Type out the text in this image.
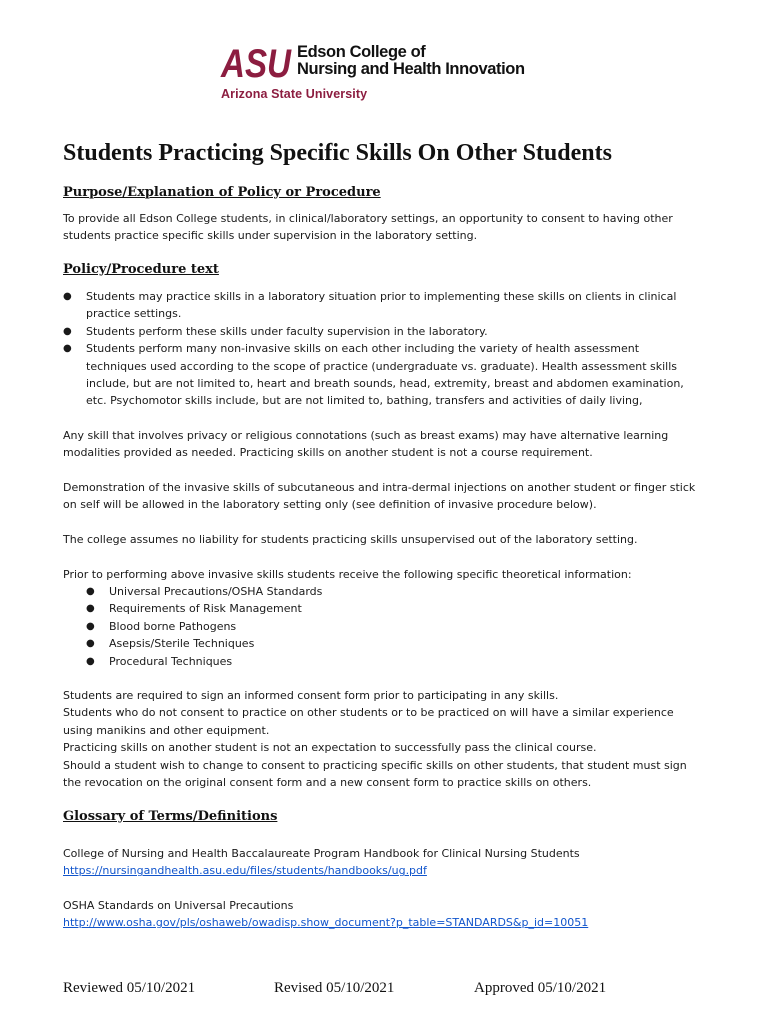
ASU Edson College of
Nursing and Health Innovation
Arizona State University
Students Practicing Specific Skills On Other Students
Purpose/Explanation of Policy or Procedure
To provide all Edson College students, in clinical/laboratory settings, an opportunity to consent to having other
students practice specific skills under supervision in the laboratory setting.
Policy/Procedure text
● Students may practice skills in a laboratory situation prior to implementing these skills on clients in clinical
practice settings.
● Students perform these skills under faculty supervision in the laboratory.
● Students perform many non-invasive skills on each other including the variety of health assessment
techniques used according to the scope of practice (undergraduate vs. graduate). Health assessment skills
include, but are not limited to, heart and breath sounds, head, extremity, breast and abdomen examination,
etc. Psychomotor skills include, but are not limited to, bathing, transfers and activities of daily living,
Any skill that involves privacy or religious connotations (such as breast exams) may have alternative learning
modalities provided as needed. Practicing skills on another student is not a course requirement.
Demonstration of the invasive skills of subcutaneous and intra-dermal injections on another student or finger stick
on self will be allowed in the laboratory setting only (see definition of invasive procedure below).
The college assumes no liability for students practicing skills unsupervised out of the laboratory setting.
Prior to performing above invasive skills students receive the following specific theoretical information:
● Universal Precautions/OSHA Standards
● Requirements of Risk Management
● Blood borne Pathogens
● Asepsis/Sterile Techniques
● Procedural Techniques
Students are required to sign an informed consent form prior to participating in any skills.
Students who do not consent to practice on other students or to be practiced on will have a similar experience
using manikins and other equipment.
Practicing skills on another student is not an expectation to successfully pass the clinical course.
Should a student wish to change to consent to practicing specific skills on other students, that student must sign
the revocation on the original consent form and a new consent form to practice skills on others.
Glossary of Terms/Definitions
College of Nursing and Health Baccalaureate Program Handbook for Clinical Nursing Students
https://nursingandhealth.asu.edu/files/students/handbooks/ug.pdf
OSHA Standards on Universal Precautions
http://www.osha.gov/pls/oshaweb/owadisp.show_document?p_table=STANDARDS&p_id=10051
Reviewed 05/10/2021	Revised 05/10/2021	Approved 05/10/2021
